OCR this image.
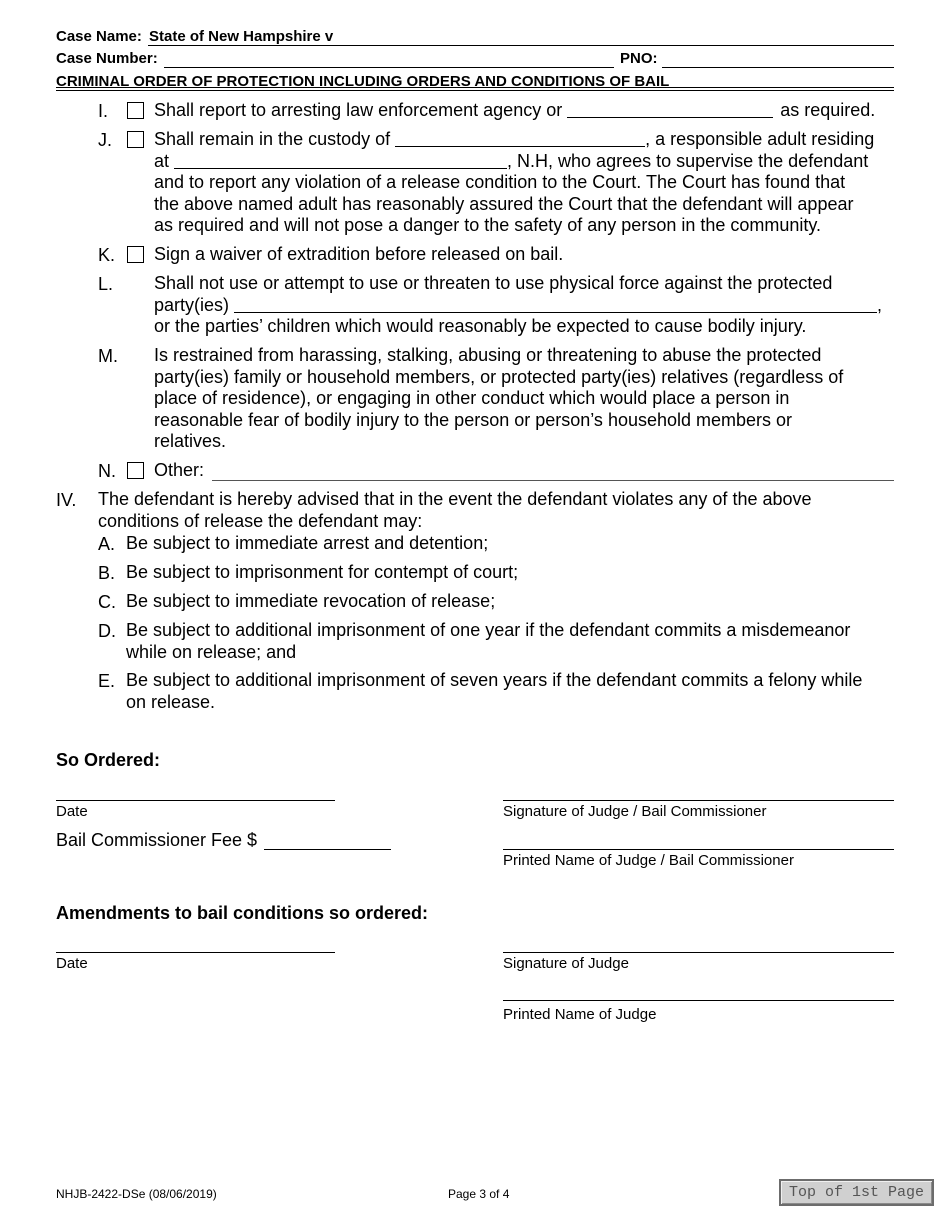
Case Name: State of New Hampshire v
Case Number:	PNO:
CRIMINAL ORDER OF PROTECTION INCLUDING ORDERS AND CONDITIONS OF BAIL
I.	Shall report to arresting law enforcement agency or	as required.
J. Shall remain in the custody of	, a responsible adult residing
at	, N.H, who agrees to supervise the defendant
and to report any violation of a release condition to the Court. The Court has found that
the above named adult has reasonably assured the Court that the defendant will appear
as required and will not pose a danger to the safety of any person in the community.
K. Sign a waiver of extradition before released on bail.
L. Shall not use or attempt to use or threaten to use physical force against the protected
party(ies)	,
or the parties’ children which would reasonably be expected to cause bodily injury.
M. Is restrained from harassing, stalking, abusing or threatening to abuse the protected
party(ies) family or household members, or protected party(ies) relatives (regardless of
place of residence), or engaging in other conduct which would place a person in
reasonable fear of bodily injury to the person or person’s household members or
relatives.
N. Other:
IV. The defendant is hereby advised that in the event the defendant violates any of the above
conditions of release the defendant may:
A. Be subject to immediate arrest and detention;
B. Be subject to imprisonment for contempt of court;
C. Be subject to immediate revocation of release;
D. Be subject to additional imprisonment of one year if the defendant commits a misdemeanor
while on release; and
E. Be subject to additional imprisonment of seven years if the defendant commits a felony while
on release.
So Ordered:
Date	Signature of Judge / Bail Commissioner
Bail Commissioner Fee $
Printed Name of Judge / Bail Commissioner
Amendments to bail conditions so ordered:
Date	Signature of Judge
Printed Name of Judge
NHJB-2422-DSe (08/06/2019)	Page 3 of 4	Top of 1st Page
